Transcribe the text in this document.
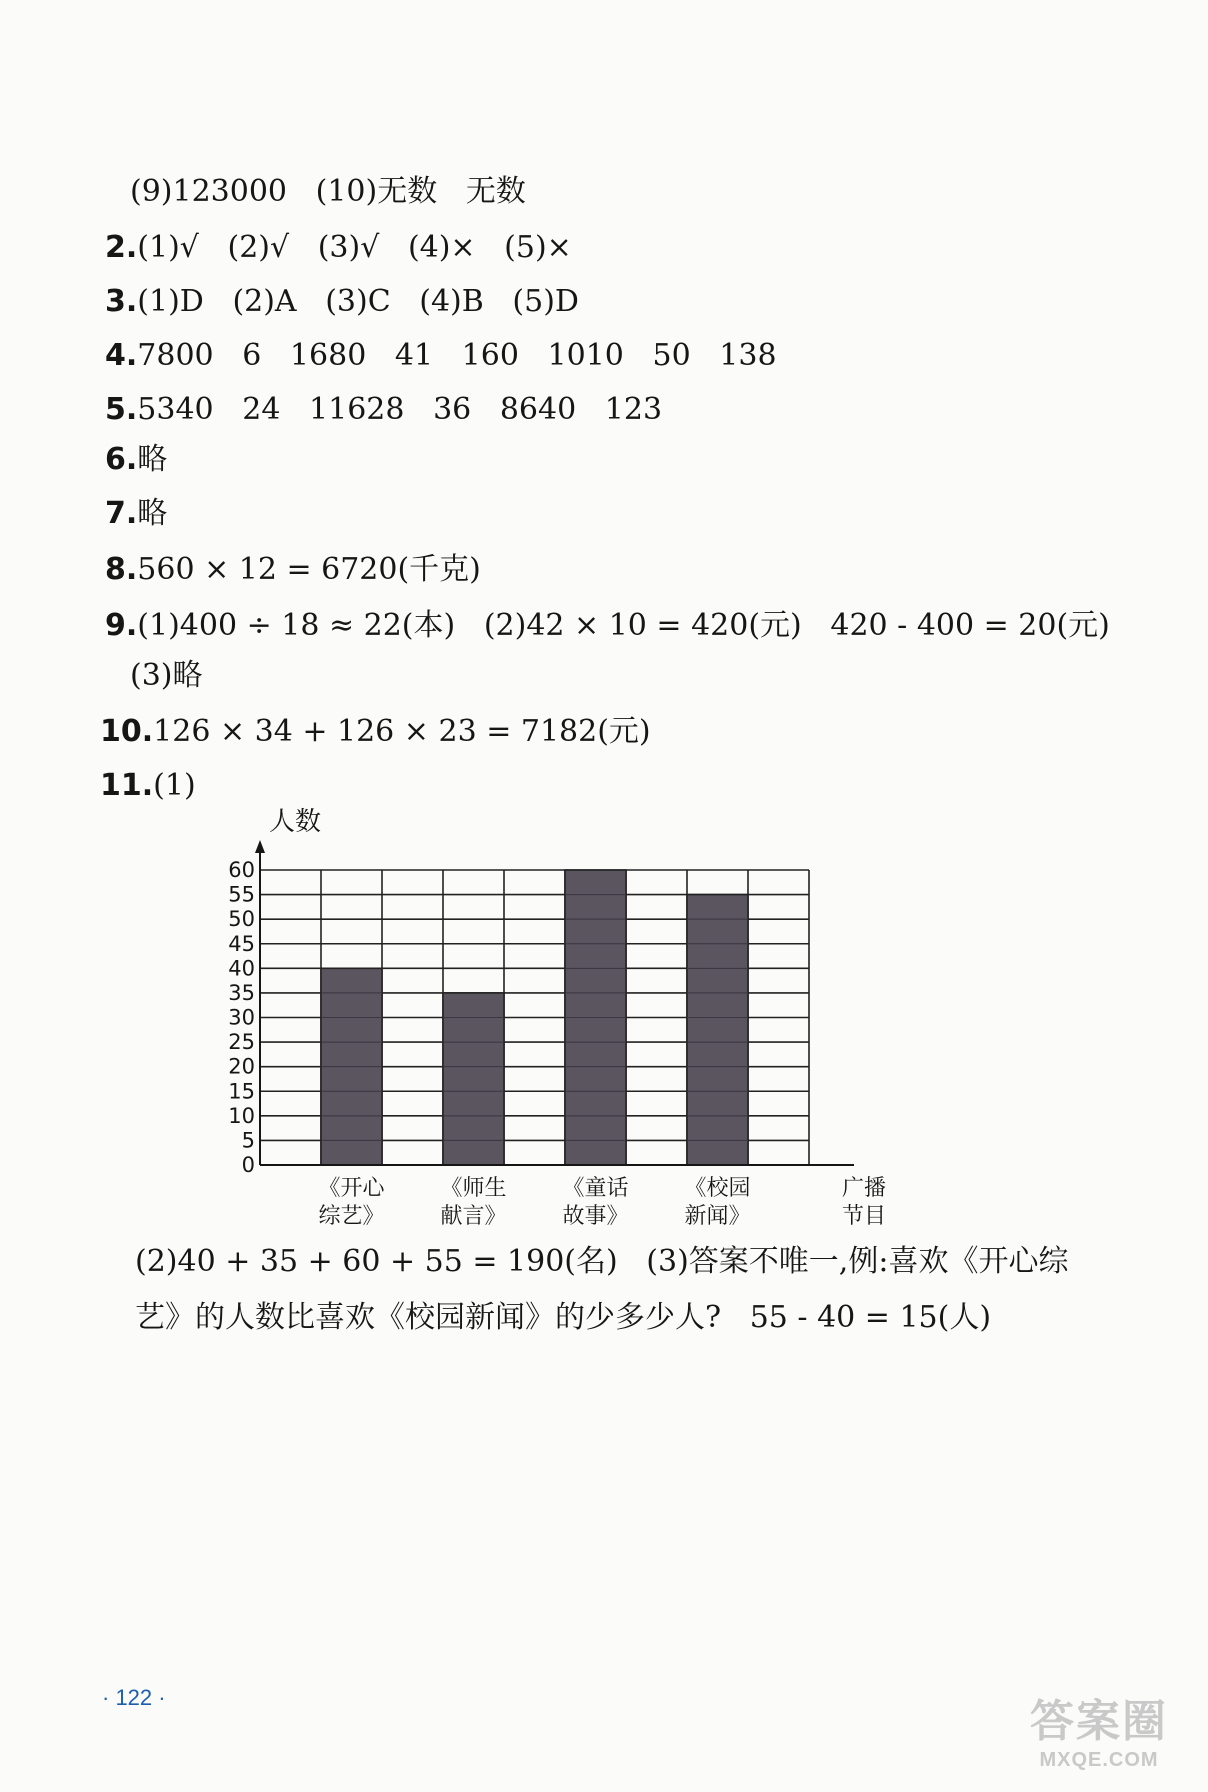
(9)123000   (10)无数   无数
2.(1)√   (2)√   (3)√   (4)×   (5)×
3.(1)D   (2)A   (3)C   (4)B   (5)D
4.7800   6   1680   41   160   1010   50   138
5.5340   24   11628   36   8640   123
6.略
7.略
8.560 × 12 = 6720(千克)
9.(1)400 ÷ 18 ≈ 22(本)   (2)42 × 10 = 420(元)   420 - 400 = 20(元)
(3)略
10.126 × 34 + 126 × 23 = 7182(元)
11.(1)
《开心
综艺》
《师生
献言》
《童话
故事》
《校园
新闻》
0
5
10
15
20
25
30
35
40
45
50
55
60
人数
广播
节目
(2)40 + 35 + 60 + 55 = 190(名)   (3)答案不唯一,例:喜欢《开心综
艺》的人数比喜欢《校园新闻》的少多少人?   55 - 40 = 15(人)
· 122 ·	答案圈
MXQE.COM
